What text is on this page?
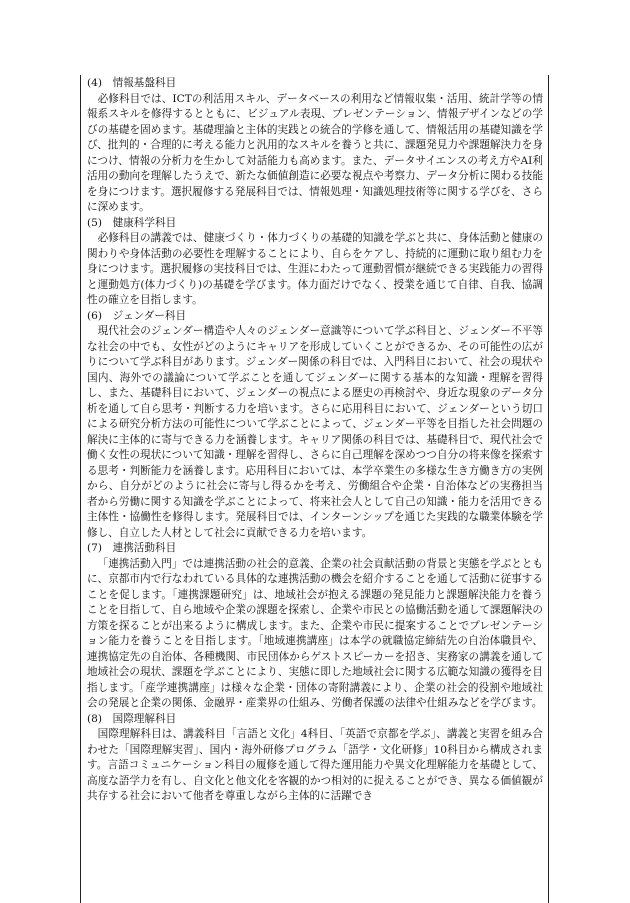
(4)　情報基盤科目

必修科目では、ICTの利活用スキル、データベースの利用など情報収集・活用、統計学等の情報系スキルを修得するとともに、ビジュアル表現、プレゼンテーション、情報デザインなどの学びの基礎を固めます。基礎理論と主体的実践との統合的学修を通して、情報活用の基礎知識を学び、批判的・合理的に考える能力と汎用的なスキルを養うと共に、課題発見力や課題解決力を身につけ、情報の分析力を生かして対話能力も高めます。また、データサイエンスの考え方やAI利活用の動向を理解したうえで、新たな価値創造に必要な視点や考察力、データ分析に関わる技能を身につけます。選択履修する発展科目では、情報処理・知識処理技術等に関する学びを、さらに深めます。

(5)　健康科学科目

必修科目の講義では、健康づくり・体力づくりの基礎的知識を学ぶと共に、身体活動と健康の関わりや身体活動の必要性を理解することにより、自らをケアし、持続的に運動に取り組む力を身につけます。選択履修の実技科目では、生涯にわたって運動習慣が継続できる実践能力の習得と運動処方(体力づくり)の基礎を学びます。体力面だけでなく、授業を通じて自律、自我、協調性の確立を目指します。

(6)　ジェンダー科目

現代社会のジェンダー構造や人々のジェンダー意識等について学ぶ科目と、ジェンダー不平等な社会の中でも、女性がどのようにキャリアを形成していくことができるか、その可能性の広がりについて学ぶ科目があります。ジェンダー関係の科目では、入門科目において、社会の現状や国内、海外での議論について学ぶことを通してジェンダーに関する基本的な知識・理解を習得し、また、基礎科目において、ジェンダーの視点による歴史の再検討や、身近な現象のデータ分析を通して自ら思考・判断する力を培います。さらに応用科目において、ジェンダーという切口による研究分析方法の可能性について学ぶことによって、ジェンダー平等を目指した社会問題の解決に主体的に寄与できる力を涵養します。キャリア関係の科目では、基礎科目で、現代社会で働く女性の現状について知識・理解を習得し、さらに自己理解を深めつつ自分の将来像を探索する思考・判断能力を涵養します。応用科目においては、本学卒業生の多様な生き方働き方の実例から、自分がどのように社会に寄与し得るかを考え、労働組合や企業・自治体などの実務担当者から労働に関する知識を学ぶことによって、将来社会人として自己の知識・能力を活用できる主体性・協働性を修得します。発展科目では、インターンシップを通じた実践的な職業体験を学修し、自立した人材として社会に貢献できる力を培います。

(7)　連携活動科目

「連携活動入門」では連携活動の社会的意義、企業の社会貢献活動の背景と実態を学ぶとともに、京都市内で行なわれている具体的な連携活動の機会を紹介することを通して活動に従事することを促します。「連携課題研究」は、地域社会が抱える課題の発見能力と課題解決能力を養うことを目指して、自ら地域や企業の課題を探索し、企業や市民との協働活動を通して課題解決の方策を探ることが出来るように構成します。また、企業や市民に提案することでプレゼンテーション能力を養うことを目指します。「地域連携講座」は本学の就職協定締結先の自治体職員や、連携協定先の自治体、各種機関、市民団体からゲストスピーカーを招き、実務家の講義を通して地域社会の現状、課題を学ぶことにより、実態に即した地域社会に関する広範な知識の獲得を目指します。「産学連携講座」は様々な企業・団体の寄附講義により、企業の社会的役割や地域社会の発展と企業の関係、金融界・産業界の仕組み、労働者保護の法律や仕組みなどを学びます。

(8)　国際理解科目

国際理解科目は、講義科目「言語と文化」4科目、「英語で京都を学ぶ」、講義と実習を組み合わせた「国際理解実習」、国内・海外研修プログラム「語学・文化研修」10科目から構成されます。言語コミュニケーション科目の履修を通して得た運用能力や異文化理解能力を基礎として、高度な語学力を有し、自文化と他文化を客観的かつ相対的に捉えることができ、異なる価値観が共存する社会において他者を尊重しながら主体的に活躍でき
